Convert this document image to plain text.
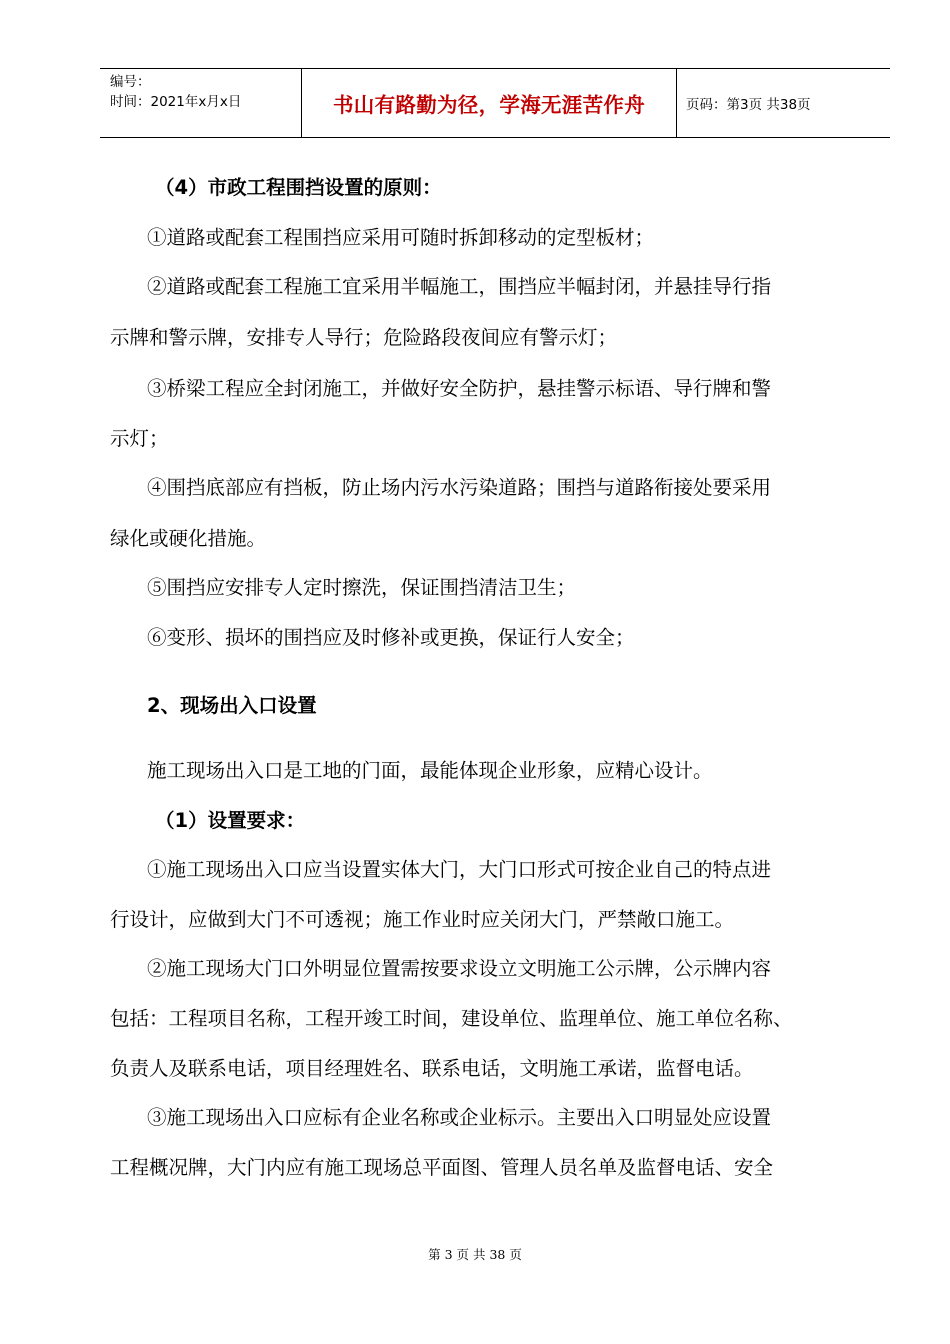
编号：
时间：2021年x月x日	书山有路勤为径，学海无涯苦作舟	页码：第3页 共38页
（4）市政工程围挡设置的原则：
①道路或配套工程围挡应采用可随时拆卸移动的定型板材；
②道路或配套工程施工宜采用半幅施工，围挡应半幅封闭，并悬挂导行指
示牌和警示牌，安排专人导行；危险路段夜间应有警示灯；
③桥梁工程应全封闭施工，并做好安全防护，悬挂警示标语、导行牌和警
示灯；
④围挡底部应有挡板，防止场内污水污染道路；围挡与道路衔接处要采用
绿化或硬化措施。
⑤围挡应安排专人定时擦洗，保证围挡清洁卫生；
⑥变形、损坏的围挡应及时修补或更换，保证行人安全；
2、现场出入口设置
施工现场出入口是工地的门面，最能体现企业形象，应精心设计。
（1）设置要求：
①施工现场出入口应当设置实体大门，大门口形式可按企业自己的特点进
行设计，应做到大门不可透视；施工作业时应关闭大门，严禁敞口施工。
②施工现场大门口外明显位置需按要求设立文明施工公示牌，公示牌内容
包括：工程项目名称，工程开竣工时间，建设单位、监理单位、施工单位名称、
负责人及联系电话，项目经理姓名、联系电话，文明施工承诺，监督电话。
③施工现场出入口应标有企业名称或企业标示。主要出入口明显处应设置
工程概况牌，大门内应有施工现场总平面图、管理人员名单及监督电话、安全
第 3 页 共 38 页
